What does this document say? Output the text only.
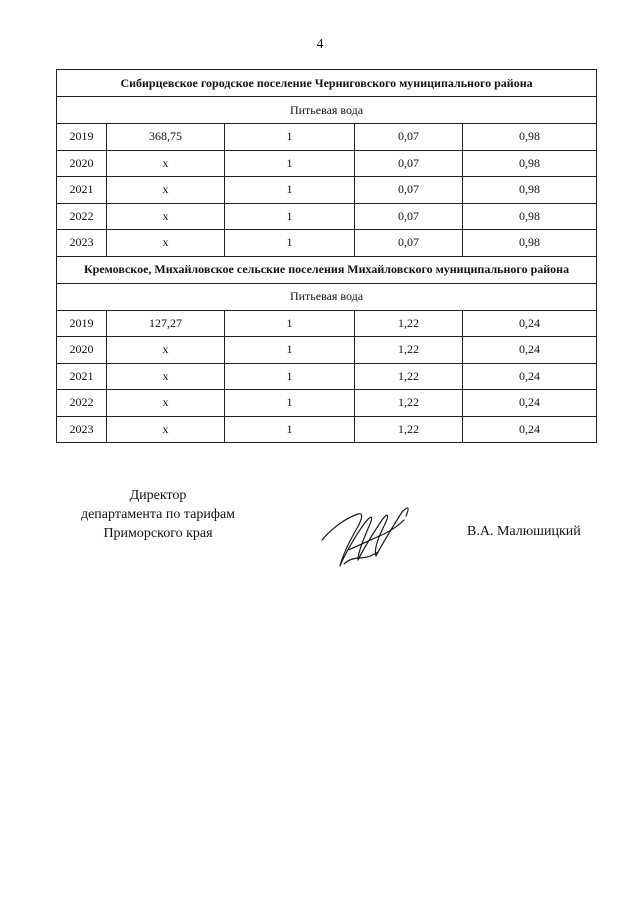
4
Сибирцевское городское поселение Черниговского муниципального района				
Питьевая вода				
2019	368,75	1	0,07	0,98
2020	х	1	0,07	0,98
2021	х	1	0,07	0,98
2022	х	1	0,07	0,98
2023	х	1	0,07	0,98
Кремовское, Михайловское сельские поселения Михайловского муниципального района				
Питьевая вода				
2019	127,27	1	1,22	0,24
2020	х	1	1,22	0,24
2021	х	1	1,22	0,24
2022	х	1	1,22	0,24
2023	х	1	1,22	0,24
Директор
департамента по тарифам
Приморского края	В.А. Малюшицкий
